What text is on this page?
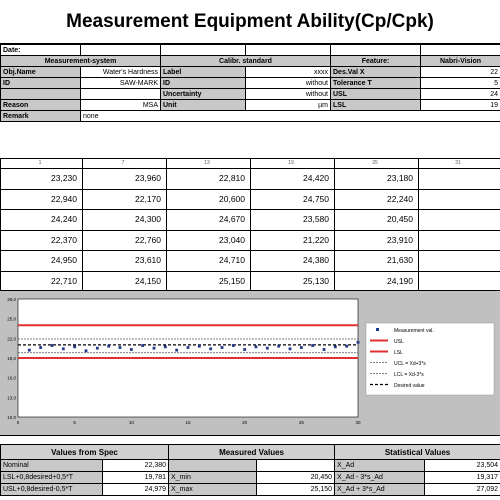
Measurement Equipment Ability(Cp/Cpk)
Date:					
Measurement-system		Calibr. standard		Feature:	Nabri-Vision
Obj.Name	Water's Hardness	Label	xxxx	Des.Val X	22
ID	SAW-MARK	ID	without	Tolerance T	5
		Uncertainty	without	USL	24
Reason	MSA	Unit	µm	LSL	19
Remark	none				
1	7	13	19	25	31
23,230	23,960	22,810	24,420	23,180	
22,940	22,170	20,600	24,750	22,240	
24,240	24,300	24,670	23,580	20,450	
22,370	22,760	23,040	21,220	23,910	
24,950	23,610	24,710	24,380	21,630	
22,710	24,150	25,150	25,130	24,190	
10,0
13,0
16,0
19,0
22,0
25,0
28,0
0	5	10	15	20	25	30
Measurement val.
USL
LSL
UCL = Xd+3*s
LCL = Xd-3*s
Desired value
Values from Spec		Measured Values		Statistical Values	
Nominal	22,380			X_Ad	23,504
LSL+0,8desired+0,5*T	19,781	X_min	20,450	X_Ad - 3*s_Ad	19,317
USL+0,8desired-0,5*T	24,979	X_max	25,150	X_Ad + 3*s_Ad	27,092
